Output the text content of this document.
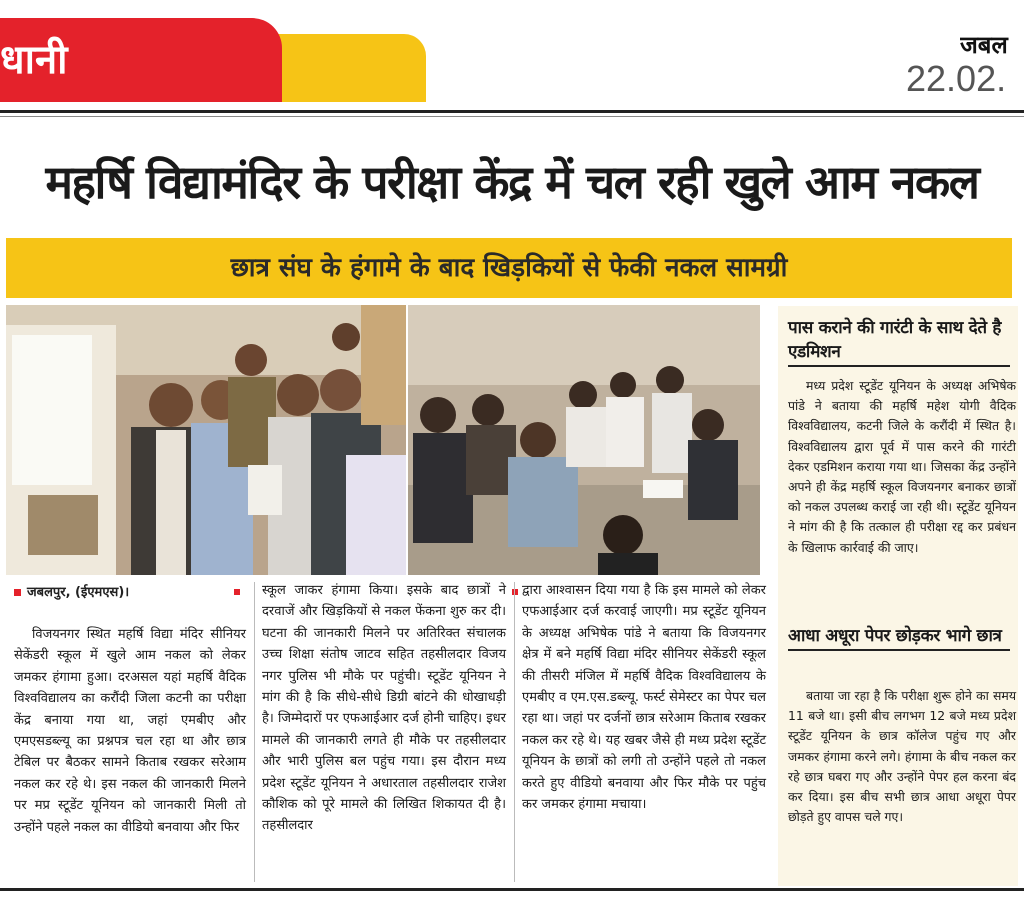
धानी	जबल
22.02.
महर्षि विद्यामंदिर के परीक्षा केंद्र में चल रही खुले आम नकल
छात्र संघ के हंगामे के बाद खिड़कियों से फेकी नकल सामग्री
जबलपुर, (ईएमएस)।

विजयनगर स्थित महर्षि विद्या मंदिर सीनियर सेकेंडरी स्कूल में खुले आम नकल को लेकर जमकर हंगामा हुआ। दरअसल यहां महर्षि वैदिक विश्वविद्यालय का करौंदी जिला कटनी का परीक्षा केंद्र बनाया गया था, जहां एमबीए और एमएसडब्ल्यू का प्रश्नपत्र चल रहा था और छात्र टेबिल पर बैठकर सामने किताब रखकर सरेआम नकल कर रहे थे। इस नकल की जानकारी मिलने पर मप्र स्टूडेंट यूनियन को जानकारी मिली तो उन्होंने पहले नकल का वीडियो बनवाया और फिर

स्कूल जाकर हंगामा किया। इसके बाद छात्रों ने दरवाजें और खिड़कियों से नकल फेंकना शुरु कर दी। घटना की जानकारी मिलने पर अतिरिक्त संचालक उच्च शिक्षा संतोष जाटव सहित तहसीलदार विजय नगर पुलिस भी मौके पर पहुंची। स्टूडेंट यूनियन ने मांग की है कि सीधे-सीधे डिग्री बांटने की धोखाधड़ी है। जिम्मेदारों पर एफआईआर दर्ज होनी चाहिए। इधर मामले की जानकारी लगते ही मौके पर तहसीलदार और भारी पुलिस बल पहुंच गया। इस दौरान मध्य प्रदेश स्टूडेंट यूनियन ने अधारताल तहसीलदार राजेश कौशिक को पूरे मामले की लिखित शिकायत दी है। तहसीलदार

द्वारा आश्वासन दिया गया है कि इस मामले को लेकर एफआईआर दर्ज करवाई जाएगी। मप्र स्टूडेंट यूनियन के अध्यक्ष अभिषेक पांडे ने बताया कि विजयनगर क्षेत्र में बने महर्षि विद्या मंदिर सीनियर सेकेंडरी स्कूल की तीसरी मंजिल में महर्षि वैदिक विश्वविद्यालय के एमबीए व एम.एस.डब्ल्यू. फर्स्ट सेमेस्टर का पेपर चल रहा था। जहां पर दर्जनों छात्र सरेआम किताब रखकर नकल कर रहे थे। यह खबर जैसे ही मध्य प्रदेश स्टूडेंट यूनियन के छात्रों को लगी तो उन्होंने पहले तो नकल करते हुए वीडियो बनवाया और फिर मौके पर पहुंच कर जमकर हंगामा मचाया।

पास कराने की गारंटी के साथ देते है एडमिशन

मध्य प्रदेश स्टूडेंट यूनियन के अध्यक्ष अभिषेक पांडे ने बताया की महर्षि महेश योगी वैदिक विश्वविद्यालय, कटनी जिले के करौंदी में स्थित है। विश्वविद्यालय द्वारा पूर्व में पास करने की गारंटी देकर एडमिशन कराया गया था। जिसका केंद्र उन्होंने अपने ही केंद्र महर्षि स्कूल विजयनगर बनाकर छात्रों को नकल उपलब्ध कराई जा रही थी। स्टूडेंट यूनियन ने मांग की है कि तत्काल ही परीक्षा रद्द कर प्रबंधन के खिलाफ कार्रवाई की जाए।

आधा अधूरा पेपर छोड़कर भागे छात्र

बताया जा रहा है कि परीक्षा शुरू होने का समय 11 बजे था। इसी बीच लगभग 12 बजे मध्य प्रदेश स्टूडेंट यूनियन के छात्र कॉलेज पहुंच गए और जमकर हंगामा करने लगे। हंगामा के बीच नकल कर रहे छात्र घबरा गए और उन्होंने पेपर हल करना बंद कर दिया। इस बीच सभी छात्र आधा अधूरा पेपर छोड़ते हुए वापस चले गए।
